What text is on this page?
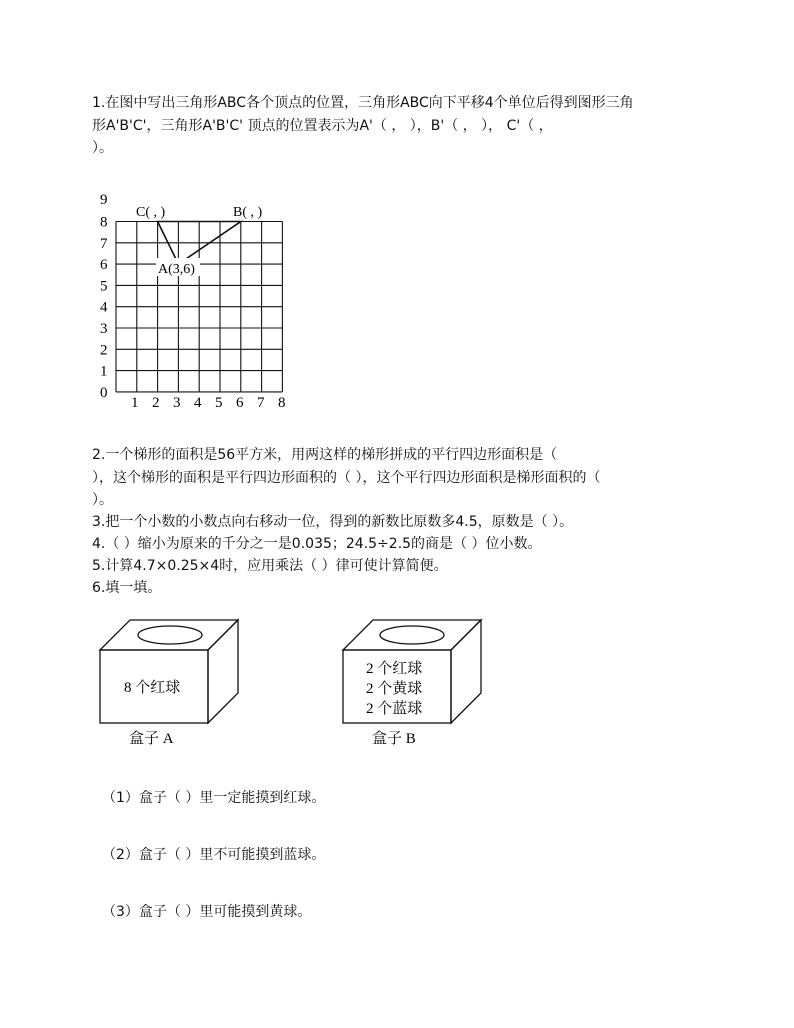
1.在图中写出三角形ABC各个顶点的位置，三角形ABC向下平移4个单位后得到图形三角
形A'B'C'，三角形A'B'C' 顶点的位置表示为A'（ ， ），B'（ ， ）， C'（ ，
）。
9
8
7
6
5
4
3
2
1
0
1 2 3 4 5 6 7 8
A(3,6)
C( , )	B( , )
8 个红球
盒子 A
2 个红球
2 个黄球
2 个蓝球
盒子 B
2.一个梯形的面积是56平方米，用两这样的梯形拼成的平行四边形面积是（
），这个梯形的面积是平行四边形面积的（ ），这个平行四边形面积是梯形面积的（
）。
3.把一个小数的小数点向右移动一位，得到的新数比原数多4.5，原数是（ ）。
4.（ ）缩小为原来的千分之一是0.035；24.5÷2.5的商是（ ）位小数。
5.计算4.7×0.25×4时，应用乘法（ ）律可使计算简便。
6.填一填。
（1）盒子（ ）里一定能摸到红球。
（2）盒子（ ）里不可能摸到蓝球。
（3）盒子（ ）里可能摸到黄球。
